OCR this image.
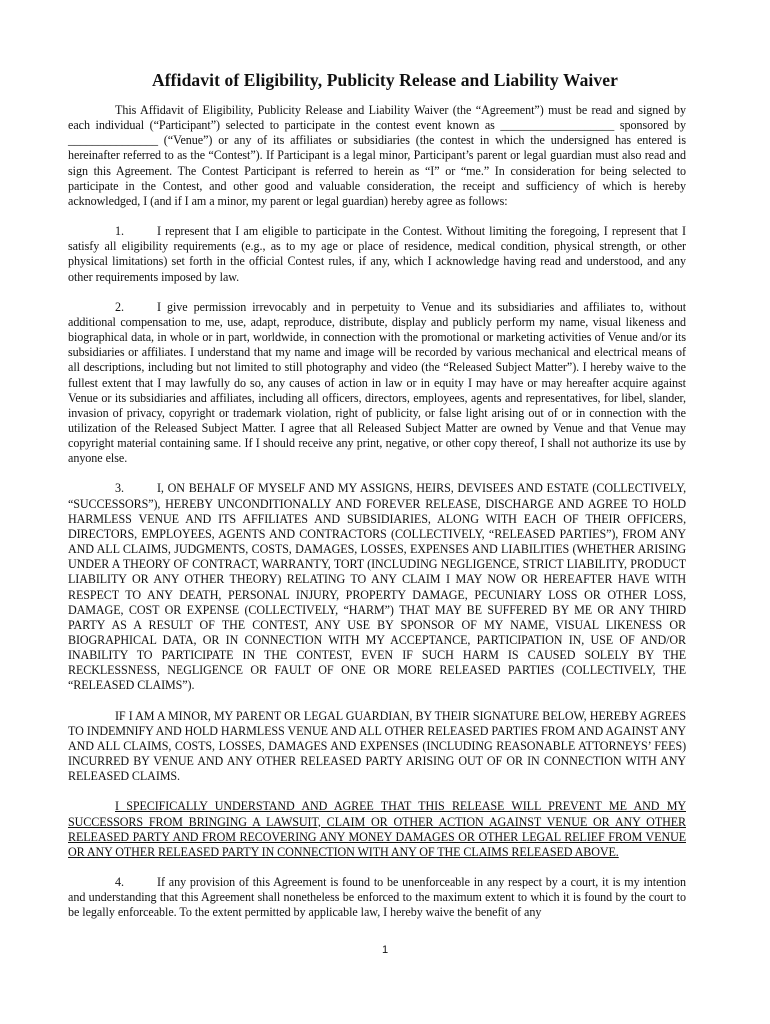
Affidavit of Eligibility, Publicity Release and Liability Waiver

This Affidavit of Eligibility, Publicity Release and Liability Waiver (the “Agreement”) must be read and signed by each individual (“Participant”) selected to participate in the contest event known as ___________________ sponsored by _______________ (“Venue”) or any of its affiliates or subsidiaries (the contest in which the undersigned has entered is hereinafter referred to as the “Contest”). If Participant is a legal minor, Participant’s parent or legal guardian must also read and sign this Agreement. The Contest Participant is referred to herein as “I” or “me.” In consideration for being selected to participate in the Contest, and other good and valuable consideration, the receipt and sufficiency of which is hereby acknowledged, I (and if I am a minor, my parent or legal guardian) hereby agree as follows:

1.	I represent that I am eligible to participate in the Contest. Without limiting the foregoing, I represent that I satisfy all eligibility requirements (e.g., as to my age or place of residence, medical condition, physical strength, or other physical limitations) set forth in the official Contest rules, if any, which I acknowledge having read and understood, and any other requirements imposed by law.

2.	I give permission irrevocably and in perpetuity to Venue and its subsidiaries and affiliates to, without additional compensation to me, use, adapt, reproduce, distribute, display and publicly perform my name, visual likeness and biographical data, in whole or in part, worldwide, in connection with the promotional or marketing activities of Venue and/or its subsidiaries or affiliates. I understand that my name and image will be recorded by various mechanical and electrical means of all descriptions, including but not limited to still photography and video (the “Released Subject Matter”). I hereby waive to the fullest extent that I may lawfully do so, any causes of action in law or in equity I may have or may hereafter acquire against Venue or its subsidiaries and affiliates, including all officers, directors, employees, agents and representatives, for libel, slander, invasion of privacy, copyright or trademark violation, right of publicity, or false light arising out of or in connection with the utilization of the Released Subject Matter. I agree that all Released Subject Matter are owned by Venue and that Venue may copyright material containing same. If I should receive any print, negative, or other copy thereof, I shall not authorize its use by anyone else.

3.	I, ON BEHALF OF MYSELF AND MY ASSIGNS, HEIRS, DEVISEES AND ESTATE (COLLECTIVELY, “SUCCESSORS”), HEREBY UNCONDITIONALLY AND FOREVER RELEASE, DISCHARGE AND AGREE TO HOLD HARMLESS VENUE AND ITS AFFILIATES AND SUBSIDIARIES, ALONG WITH EACH OF THEIR OFFICERS, DIRECTORS, EMPLOYEES, AGENTS AND CONTRACTORS (COLLECTIVELY, “RELEASED PARTIES”), FROM ANY AND ALL CLAIMS, JUDGMENTS, COSTS, DAMAGES, LOSSES, EXPENSES AND LIABILITIES (WHETHER ARISING UNDER A THEORY OF CONTRACT, WARRANTY, TORT (INCLUDING NEGLIGENCE, STRICT LIABILITY, PRODUCT LIABILITY OR ANY OTHER THEORY) RELATING TO ANY CLAIM I MAY NOW OR HEREAFTER HAVE WITH RESPECT TO ANY DEATH, PERSONAL INJURY, PROPERTY DAMAGE, PECUNIARY LOSS OR OTHER LOSS, DAMAGE, COST OR EXPENSE (COLLECTIVELY, “HARM”) THAT MAY BE SUFFERED BY ME OR ANY THIRD PARTY AS A RESULT OF THE CONTEST, ANY USE BY SPONSOR OF MY NAME, VISUAL LIKENESS OR BIOGRAPHICAL DATA, OR IN CONNECTION WITH MY ACCEPTANCE, PARTICIPATION IN, USE OF AND/OR INABILITY TO PARTICIPATE IN THE CONTEST, EVEN IF SUCH HARM IS CAUSED SOLELY BY THE RECKLESSNESS, NEGLIGENCE OR FAULT OF ONE OR MORE RELEASED PARTIES (COLLECTIVELY, THE “RELEASED CLAIMS”).

IF I AM A MINOR, MY PARENT OR LEGAL GUARDIAN, BY THEIR SIGNATURE BELOW, HEREBY AGREES TO INDEMNIFY AND HOLD HARMLESS VENUE AND ALL OTHER RELEASED PARTIES FROM AND AGAINST ANY AND ALL CLAIMS, COSTS, LOSSES, DAMAGES AND EXPENSES (INCLUDING REASONABLE ATTORNEYS’ FEES) INCURRED BY VENUE AND ANY OTHER RELEASED PARTY ARISING OUT OF OR IN CONNECTION WITH ANY RELEASED CLAIMS.

I SPECIFICALLY UNDERSTAND AND AGREE THAT THIS RELEASE WILL PREVENT ME AND MY SUCCESSORS FROM BRINGING A LAWSUIT, CLAIM OR OTHER ACTION AGAINST VENUE OR ANY OTHER RELEASED PARTY AND FROM RECOVERING ANY MONEY DAMAGES OR OTHER LEGAL RELIEF FROM VENUE OR ANY OTHER RELEASED PARTY IN CONNECTION WITH ANY OF THE CLAIMS RELEASED ABOVE.

4.	If any provision of this Agreement is found to be unenforceable in any respect by a court, it is my intention and understanding that this Agreement shall nonetheless be enforced to the maximum extent to which it is found by the court to be legally enforceable. To the extent permitted by applicable law, I hereby waive the benefit of any

1
